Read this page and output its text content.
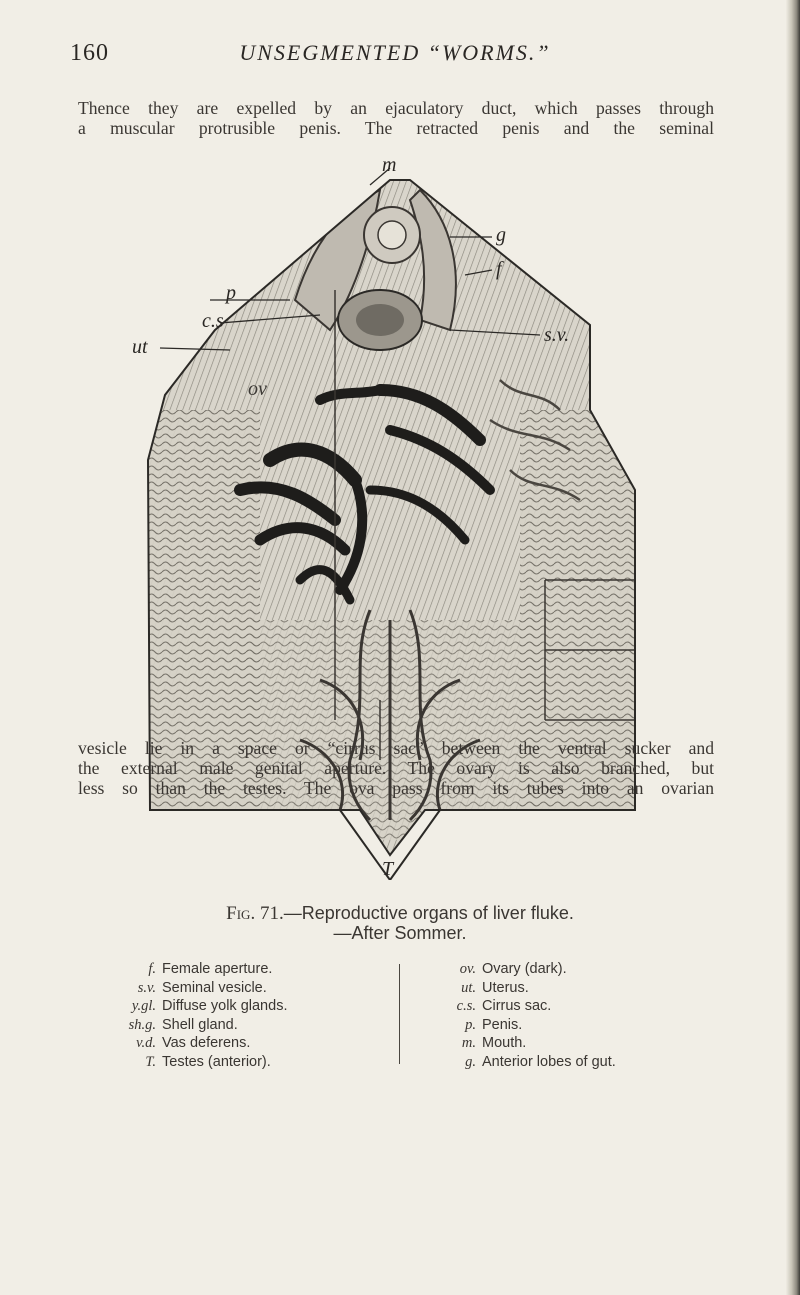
160	UNSEGMENTED “WORMS.”
Thence they are expelled by an ejaculatory duct, which passes through
a muscular protrusible penis. The retracted penis and the seminal
m
g
f
p
c.s
s.v.
ut
ov
T
Fig. 71.—Reproductive organs of liver fluke.
—After Sommer.
f. Female aperture.
s.v. Seminal vesicle.
y.gl. Diffuse yolk glands.
sh.g. Shell gland.
v.d. Vas deferens.
T. Testes (anterior).
ov. Ovary (dark).
ut. Uterus.
c.s. Cirrus sac.
p. Penis.
m. Mouth.
g. Anterior lobes of gut.
vesicle lie in a space or “cirrus sac” between the ventral sucker and
the external male genital aperture. The ovary is also branched, but
less so than the testes. The ova pass from its tubes into an ovarian
